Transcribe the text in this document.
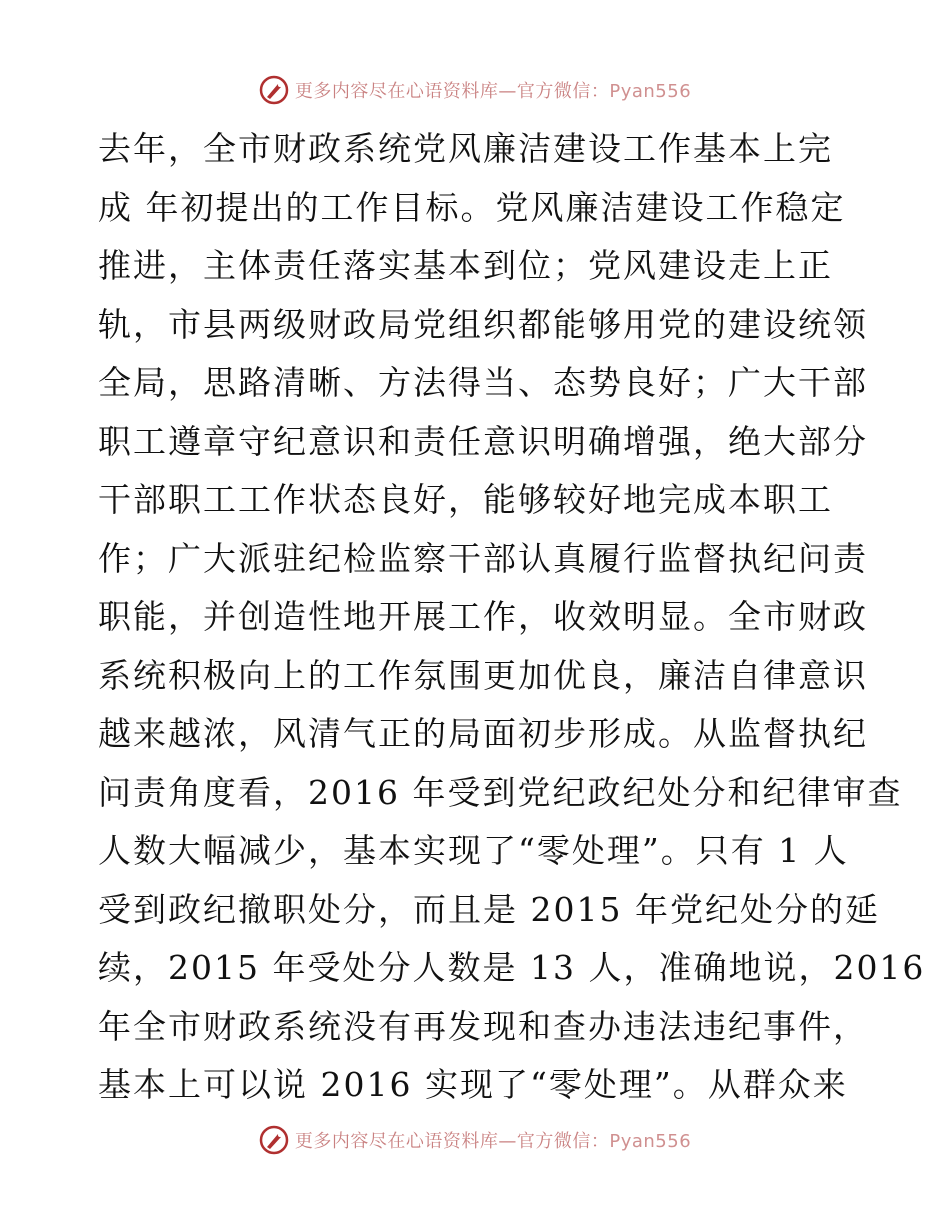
更多内容尽在心语资料库—官方微信：Pyan556
去年，全市财政系统党风廉洁建设工作基本上完
成 年初提出的工作目标。党风廉洁建设工作稳定
推进，主体责任落实基本到位；党风建设走上正
轨，市县两级财政局党组织都能够用党的建设统领
全局，思路清晰、方法得当、态势良好；广大干部
职工遵章守纪意识和责任意识明确增强，绝大部分
干部职工工作状态良好，能够较好地完成本职工
作；广大派驻纪检监察干部认真履行监督执纪问责
职能，并创造性地开展工作，收效明显。全市财政
系统积极向上的工作氛围更加优良，廉洁自律意识
越来越浓，风清气正的局面初步形成。从监督执纪
问责角度看，2016 年受到党纪政纪处分和纪律审查
人数大幅减少，基本实现了“零处理”。只有 1 人
受到政纪撤职处分，而且是 2015 年党纪处分的延
续，2015 年受处分人数是 13 人，准确地说，2016
年全市财政系统没有再发现和查办违法违纪事件，
基本上可以说 2016 实现了“零处理”。从群众来
更多内容尽在心语资料库—官方微信：Pyan556
